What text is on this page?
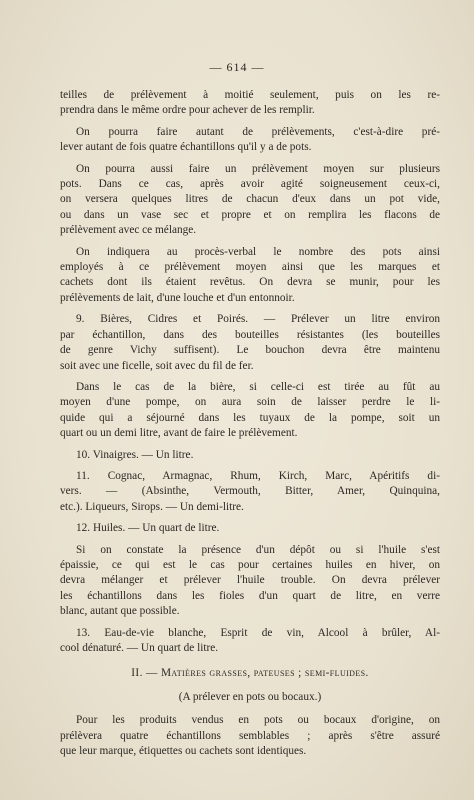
— 614 —
teilles de prélèvement à moitié seulement, puis on les re-
prendra dans le même ordre pour achever de les remplir.
On pourra faire autant de prélèvements, c'est-à-dire pré-
lever autant de fois quatre échantillons qu'il y a de pots.
On pourra aussi faire un prélèvement moyen sur plusieurs
pots. Dans ce cas, après avoir agité soigneusement ceux-ci,
on versera quelques litres de chacun d'eux dans un pot vide,
ou dans un vase sec et propre et on remplira les flacons de
prélèvement avec ce mélange.
On indiquera au procès-verbal le nombre des pots ainsi
employés à ce prélèvement moyen ainsi que les marques et
cachets dont ils étaient revêtus. On devra se munir, pour les
prélèvements de lait, d'une louche et d'un entonnoir.
9. Bières, Cidres et Poirés. — Prélever un litre environ
par échantillon, dans des bouteilles résistantes (les bouteilles
de genre Vichy suffisent). Le bouchon devra être maintenu
soit avec une ficelle, soit avec du fil de fer.
Dans le cas de la bière, si celle-ci est tirée au fût au
moyen d'une pompe, on aura soin de laisser perdre le li-
quide qui a séjourné dans les tuyaux de la pompe, soit un
quart ou un demi litre, avant de faire le prélèvement.
10. Vinaigres. — Un litre.
11. Cognac, Armagnac, Rhum, Kirch, Marc, Apéritifs di-
vers. — (Absinthe, Vermouth, Bitter, Amer, Quinquina,
etc.). Liqueurs, Sirops. — Un demi-litre.
12. Huiles. — Un quart de litre.
Si on constate la présence d'un dépôt ou si l'huile s'est
épaissie, ce qui est le cas pour certaines huiles en hiver, on
devra mélanger et prélever l'huile trouble. On devra prélever
les échantillons dans les fioles d'un quart de litre, en verre
blanc, autant que possible.
13. Eau-de-vie blanche, Esprit de vin, Alcool à brûler, Al-
cool dénaturé. — Un quart de litre.
II. — Matières grasses, pateuses ; semi-fluides.
(A prélever en pots ou bocaux.)
Pour les produits vendus en pots ou bocaux d'origine, on
prélèvera quatre échantillons semblables ; après s'être assuré
que leur marque, étiquettes ou cachets sont identiques.
